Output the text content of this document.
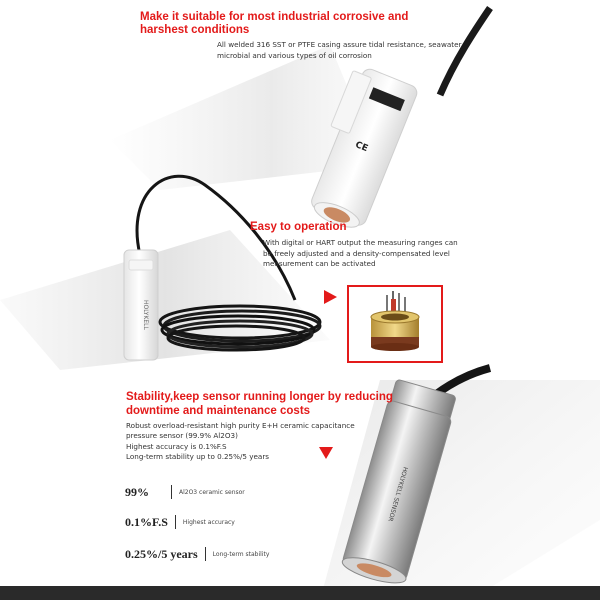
CE
HOLYKELL
HOLYKELL SENSOR
Make it suitable for most industrial corrosive and harshest conditions
All welded 316 SST or PTFE casing assure tidal resistance, seawater microbial and various types of oil corrosion
Easy to operation
With digital or HART output the measuring ranges can be freely adjusted and a density-compensated level measurement can be activated
Stability,keep sensor running longer by reducing downtime and maintenance costs
Robust overload-resistant high purity E+H ceramic capacitance pressure sensor (99.9% Al2O3)
Highest accuracy is 0.1%F.S
Long-term stability up to 0.25%/5 years
99%	Al2O3 ceramic sensor
0.1%F.S	Highest accuracy
0.25%/5 years	Long-term stability
